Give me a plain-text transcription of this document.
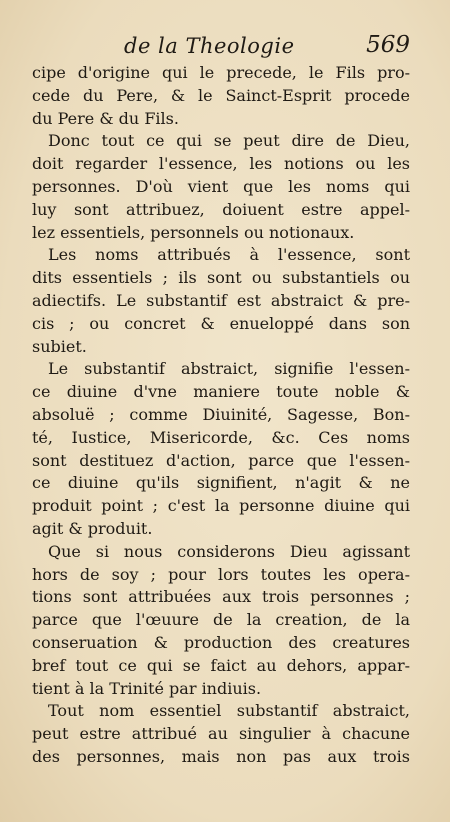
de la Theologie	569
cipe d'origine qui le precede, le Fils pro-
cede du Pere, & le Sainct-Esprit procede
du Pere & du Fils.
Donc tout ce qui se peut dire de Dieu,
doit regarder l'essence, les notions ou les
personnes. D'où vient que les noms qui
luy sont attribuez, doiuent estre appel-
lez essentiels, personnels ou notionaux.
Les noms attribués à l'essence, sont
dits essentiels ; ils sont ou substantiels ou
adiectifs. Le substantif est abstraict & pre-
cis ; ou concret & enueloppé dans son
subiet.
Le substantif abstraict, signifie l'essen-
ce diuine d'vne maniere toute noble &
absoluë ; comme Diuinité, Sagesse, Bon-
té, Iustice, Misericorde, &c. Ces noms
sont destituez d'action, parce que l'essen-
ce diuine qu'ils signifient, n'agit & ne
produit point ; c'est la personne diuine qui
agit & produit.
Que si nous considerons Dieu agissant
hors de soy ; pour lors toutes les opera-
tions sont attribuées aux trois personnes ;
parce que l'œuure de la creation, de la
conseruation & production des creatures
bref tout ce qui se faict au dehors, appar-
tient à la Trinité par indiuis.
Tout nom essentiel substantif abstraict,
peut estre attribué au singulier à chacune
des personnes, mais non pas aux trois
